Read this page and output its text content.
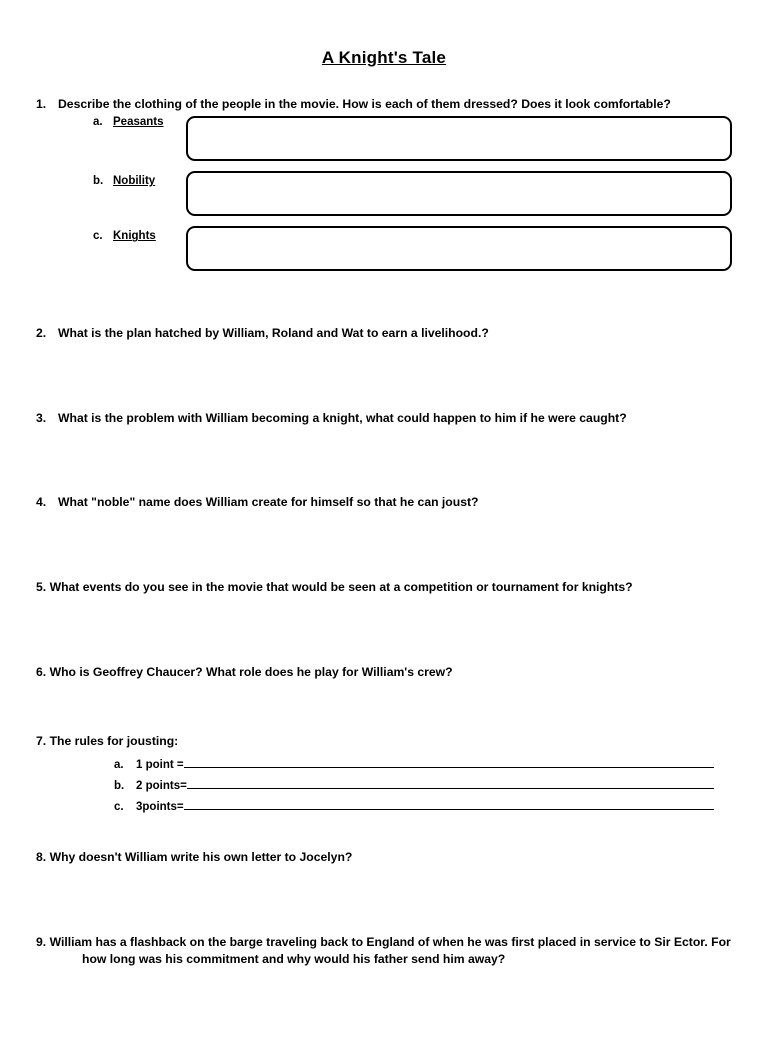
A Knight's Tale
1. Describe the clothing of the people in the movie. How is each of them dressed? Does it look comfortable?
a. Peasants
b. Nobility
c. Knights
2. What is the plan hatched by William, Roland and Wat to earn a livelihood.?
3. What is the problem with William becoming a knight, what could happen to him if he were caught?
4. What "noble" name does William create for himself so that he can joust?
5. What events do you see in the movie that would be seen at a competition or tournament for knights?
6. Who is Geoffrey Chaucer? What role does he play for William's crew?
7. The rules for jousting:
a.	1 point =
b.	2 points=
c.	3points=
8. Why doesn't William write his own letter to Jocelyn?
9. William has a flashback on the barge traveling back to England of when he was first placed in service to Sir Ector. For
how long was his commitment and why would his father send him away?
